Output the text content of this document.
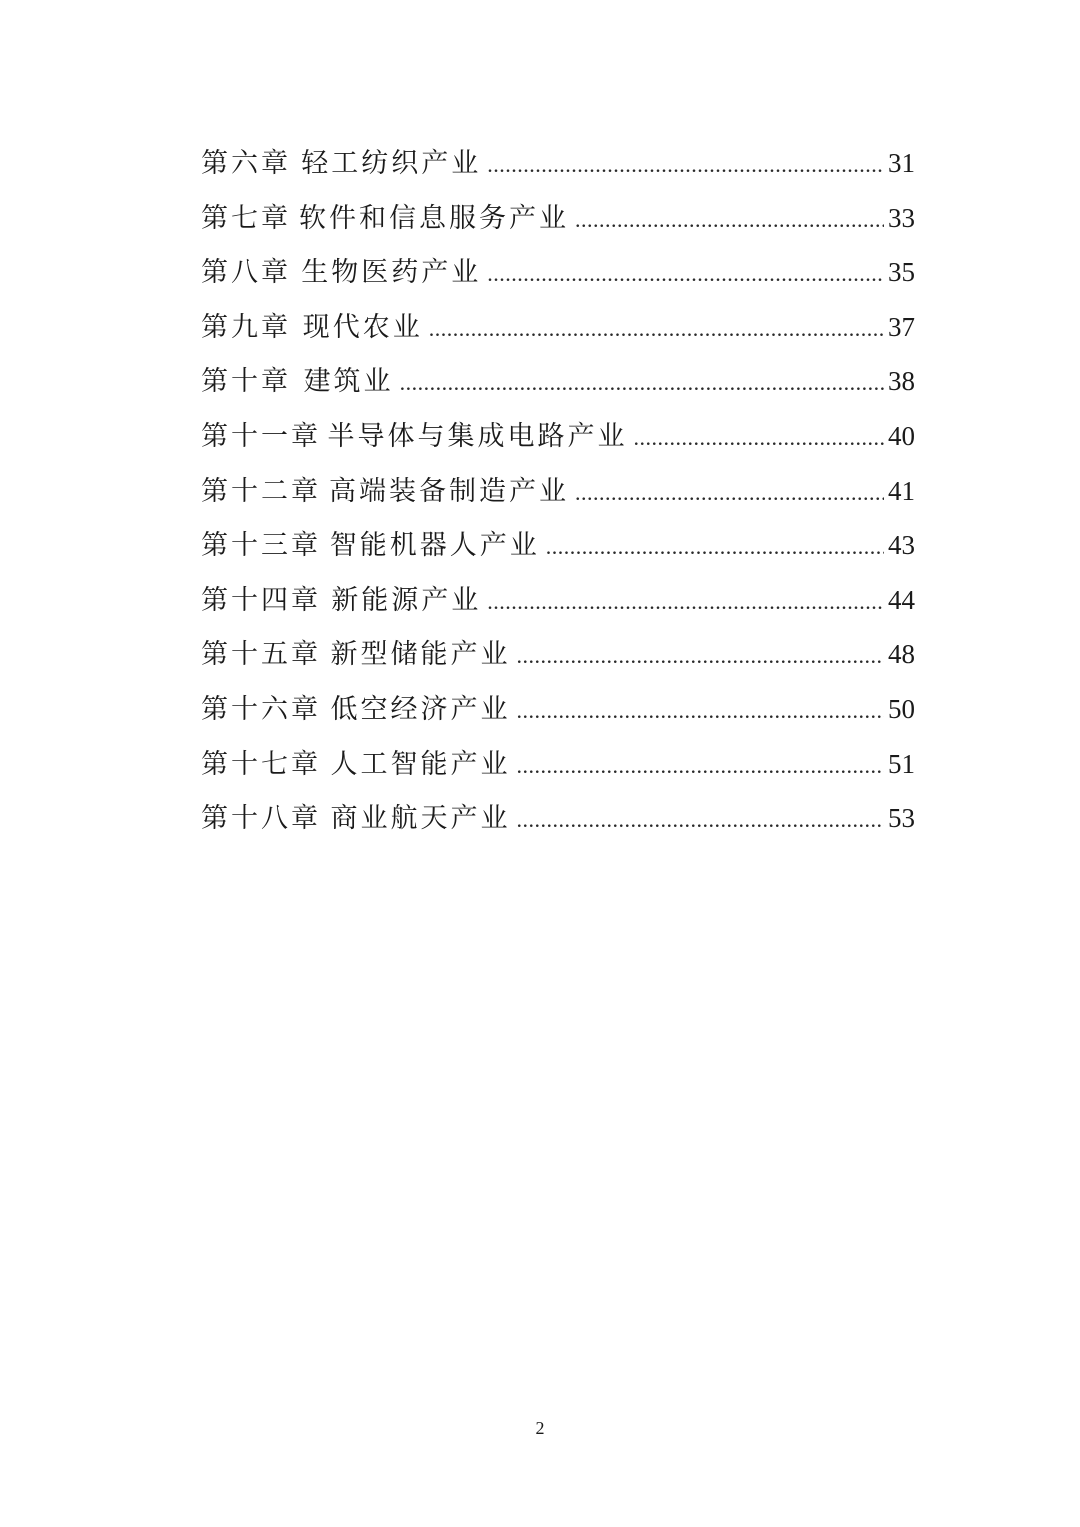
第六章 轻工纺织产业 .....	31
第七章 软件和信息服务产业 .....	33
第八章 生物医药产业 .....	35
第九章 现代农业 .....	37
第十章 建筑业 .....	38
第十一章 半导体与集成电路产业 .....	40
第十二章 高端装备制造产业 .....	41
第十三章 智能机器人产业 .....	43
第十四章 新能源产业 .....	44
第十五章 新型储能产业 .....	48
第十六章 低空经济产业 .....	50
第十七章 人工智能产业 .....	51
第十八章 商业航天产业 .....	53
2
